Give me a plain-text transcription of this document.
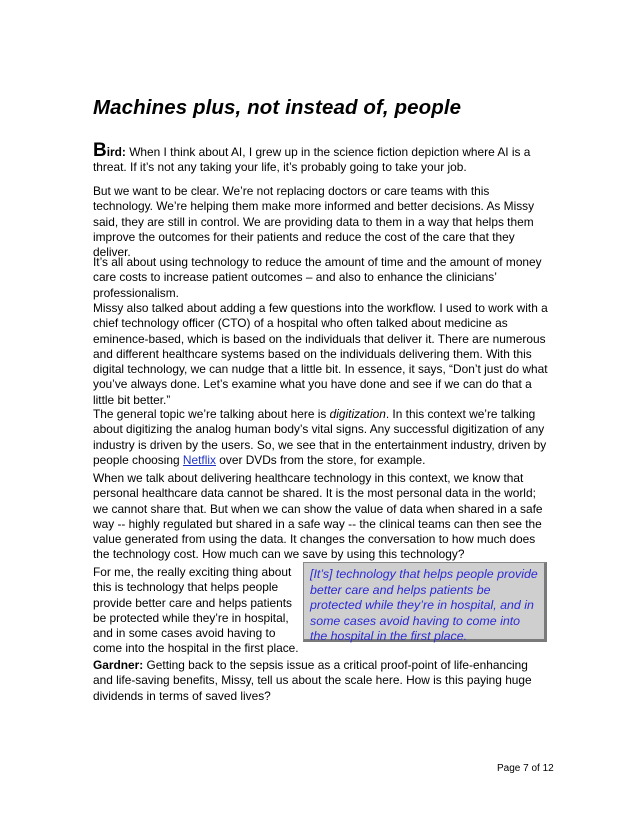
Machines plus, not instead of, people

Bird: When I think about AI, I grew up in the science fiction depiction where AI is a threat. If it’s not any taking your life, it’s probably going to take your job.

But we want to be clear. We’re not replacing doctors or care teams with this technology. We’re helping them make more informed and better decisions. As Missy said, they are still in control. We are providing data to them in a way that helps them improve the outcomes for their patients and reduce the cost of the care that they deliver.

It’s all about using technology to reduce the amount of time and the amount of money care costs to increase patient outcomes – and also to enhance the clinicians’ professionalism.

Missy also talked about adding a few questions into the workflow. I used to work with a chief technology officer (CTO) of a hospital who often talked about medicine as eminence-based, which is based on the individuals that deliver it. There are numerous and different healthcare systems based on the individuals delivering them. With this digital technology, we can nudge that a little bit. In essence, it says, “Don’t just do what you’ve always done. Let’s examine what you have done and see if we can do that a little bit better.”

The general topic we’re talking about here is digitization. In this context we’re talking about digitizing the analog human body’s vital signs. Any successful digitization of any industry is driven by the users. So, we see that in the entertainment industry, driven by people choosing Netflix over DVDs from the store, for example.

When we talk about delivering healthcare technology in this context, we know that personal healthcare data cannot be shared. It is the most personal data in the world; we cannot share that. But when we can show the value of data when shared in a safe way -- highly regulated but shared in a safe way -- the clinical teams can then see the value generated from using the data. It changes the conversation to how much does the technology cost. How much can we save by using this technology?

For me, the really exciting thing about this is technology that helps people provide better care and helps patients be protected while they’re in hospital, and in some cases avoid having to come into the hospital in the first place.

[It’s] technology that helps people provide better care and helps patients be protected while they’re in hospital, and in some cases avoid having to come into the hospital in the first place.

Gardner: Getting back to the sepsis issue as a critical proof-point of life-enhancing and life-saving benefits, Missy, tell us about the scale here. How is this paying huge dividends in terms of saved lives?

Page 7 of 12
